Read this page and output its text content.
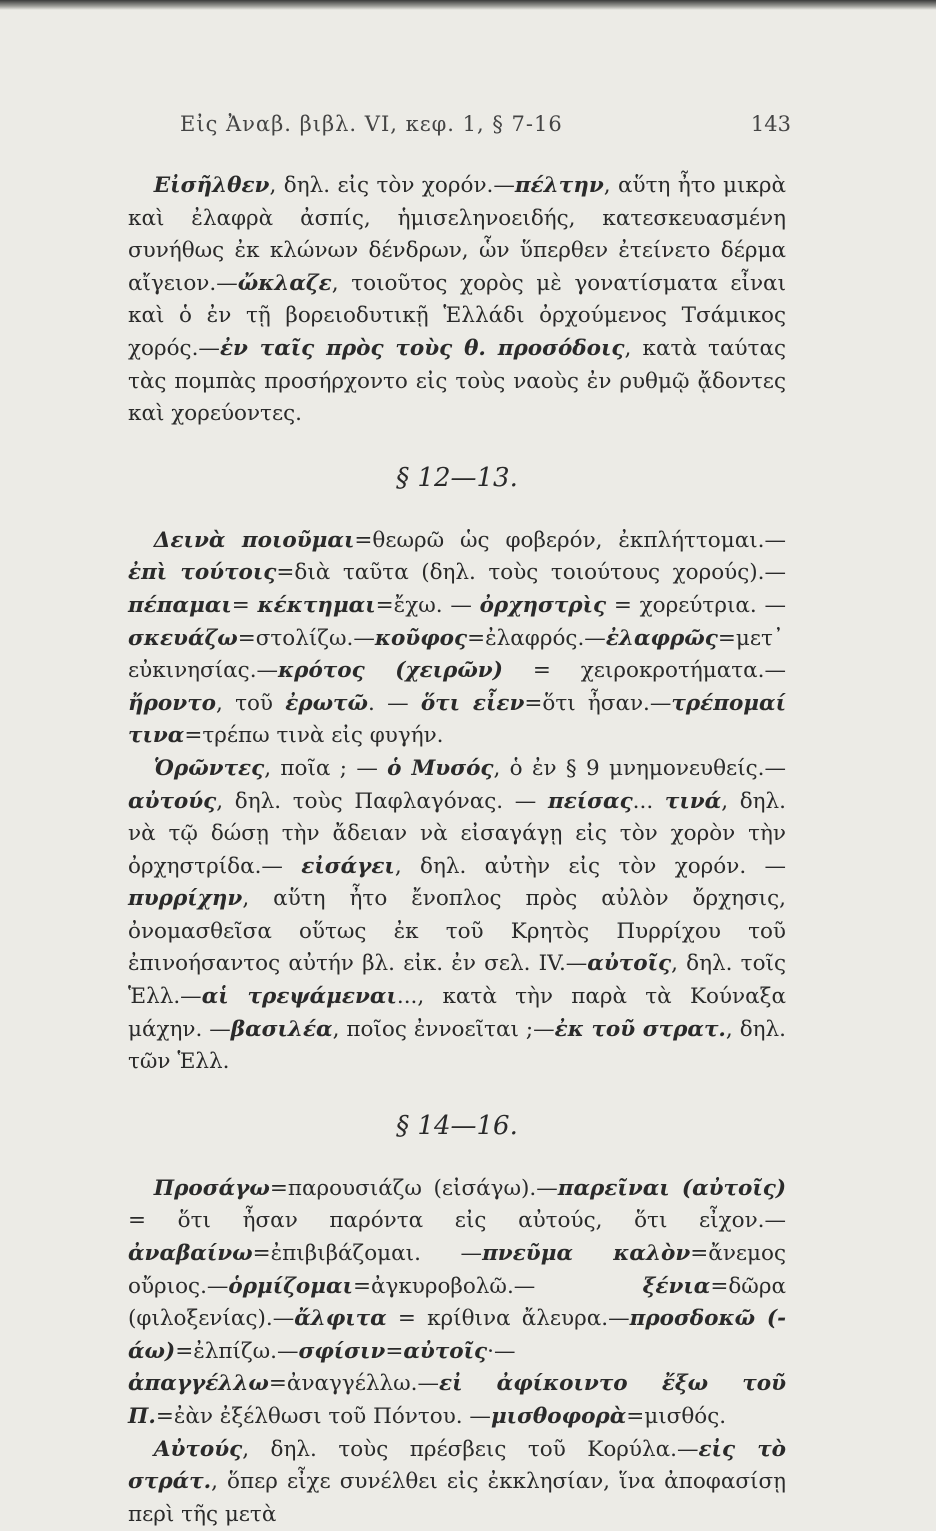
Εἰς Ἀναβ. βιβλ. VI, κεφ. 1, § 7-16	143

Εἰσῆλθεν, δηλ. εἰς τὸν χορόν.—πέλτην, αὕτη ἦτο μικρὰ καὶ ἐλαφρὰ ἀσπίς, ἡμισεληνοειδής, κατεσκευασμένη συνήθως ἐκ κλώνων δένδρων, ὧν ὕπερθεν ἐτείνετο δέρμα αἴγειον.—ὤκλαζε, τοιοῦτος χορὸς μὲ γονατίσματα εἶναι καὶ ὁ ἐν τῇ βορειοδυτικῇ Ἑλλάδι ὀρχούμενος Τσάμικος χορός.—ἐν ταῖς πρὸς τοὺς θ. προσόδοις, κατὰ ταύτας τὰς πομπὰς προσήρχοντο εἰς τοὺς ναοὺς ἐν ρυθμῷ ᾄδοντες καὶ χορεύοντες.

§ 12—13.

Δεινὰ ποιοῦμαι=θεωρῶ ὡς φοβερόν, ἐκπλήττομαι.— ἐπὶ τούτοις=διὰ ταῦτα (δηλ. τοὺς τοιούτους χορούς).—πέπαμαι= κέκτημαι=ἔχω. — ὀρχηστρὶς = χορεύτρια. — σκευάζω=στολίζω.—κοῦφος=ἐλαφρός.—ἐλαφρῶς=μετ᾽ εὐκινησίας.—κρότος (χειρῶν) = χειροκροτήματα.— ἤροντο, τοῦ ἐρωτῶ. — ὅτι εἶεν=ὅτι ἦσαν.—τρέπομαί τινα=τρέπω τινὰ εἰς φυγήν.

Ὁρῶντες, ποῖα ; — ὁ Μυσός, ὁ ἐν § 9 μνημονευθείς.— αὐτούς, δηλ. τοὺς Παφλαγόνας. — πείσας... τινά, δηλ. νὰ τῷ δώσῃ τὴν ἄδειαν νὰ εἰσαγάγῃ εἰς τὸν χορὸν τὴν ὀρχηστρίδα.— εἰσάγει, δηλ. αὐτὴν εἰς τὸν χορόν. — πυρρίχην, αὕτη ἦτο ἔνοπλος πρὸς αὐλὸν ὄρχησις, ὀνομασθεῖσα οὕτως ἐκ τοῦ Κρητὸς Πυρρίχου τοῦ ἐπινοήσαντος αὐτήν βλ. εἰκ. ἐν σελ. IV.—αὐτοῖς, δηλ. τοῖς Ἑλλ.—αἱ τρεψάμεναι..., κατὰ τὴν παρὰ τὰ Κούναξα μάχην. —βασιλέα, ποῖος ἐννοεῖται ;—ἐκ τοῦ στρατ., δηλ. τῶν Ἑλλ.

§ 14—16.

Προσάγω=παρουσιάζω (εἰσάγω).—παρεῖναι (αὐτοῖς) = ὅτι ἦσαν παρόντα εἰς αὐτούς, ὅτι εἶχον.—ἀναβαίνω=ἐπιβιβάζομαι. —πνεῦμα καλὸν=ἄνεμος οὔριος.—ὁρμίζομαι=ἀγκυροβολῶ.— ξένια=δῶρα (φιλοξενίας).—ἄλφιτα = κρίθινα ἄλευρα.—προσδοκῶ (-άω)=ἐλπίζω.—σφίσιν=αὐτοῖς·—ἀπαγγέλλω=ἀναγγέλλω.—εἰ ἀφίκοιντο ἔξω τοῦ Π.=ἐὰν ἐξέλθωσι τοῦ Πόντου. —μισθοφορὰ=μισθός.

Αὐτούς, δηλ. τοὺς πρέσβεις τοῦ Κορύλα.—εἰς τὸ στράτ., ὅπερ εἶχε συνέλθει εἰς ἐκκλησίαν, ἵνα ἀποφασίσῃ περὶ τῆς μετὰ
